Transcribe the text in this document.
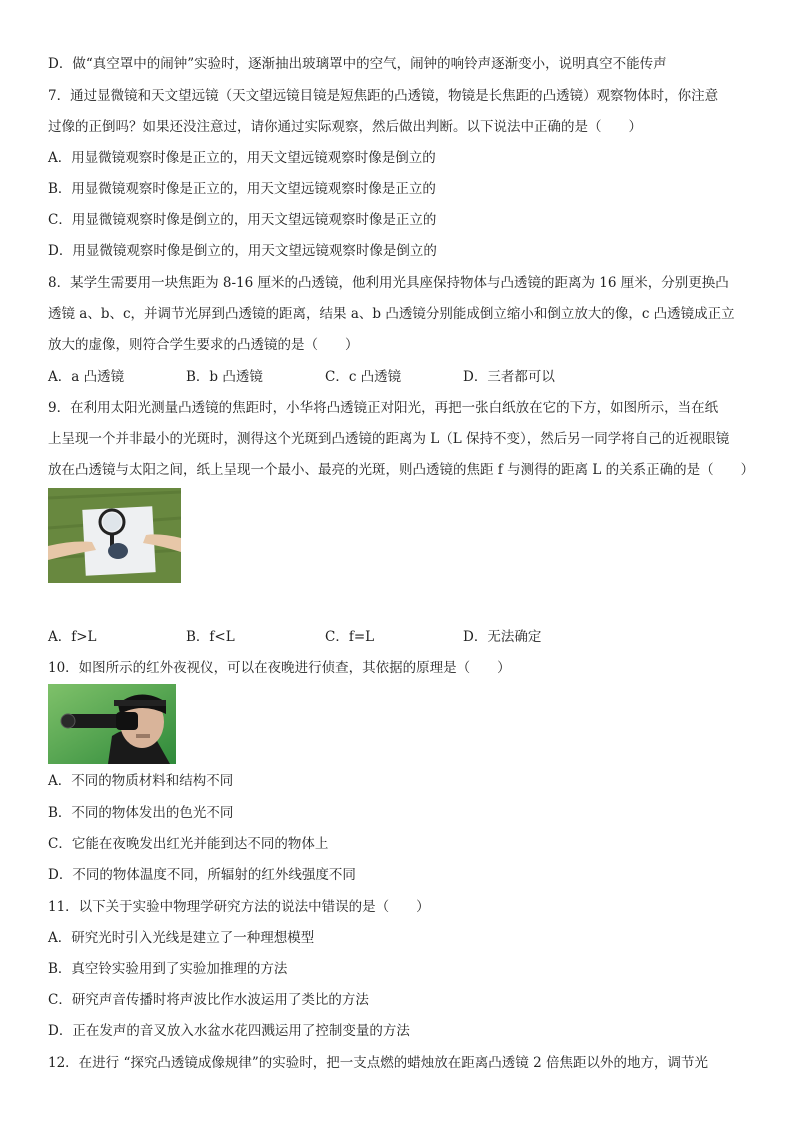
D．做“真空罩中的闹钟”实验时，逐渐抽出玻璃罩中的空气，闹钟的响铃声逐渐变小，说明真空不能传声
7．通过显微镜和天文望远镜（天文望远镜目镜是短焦距的凸透镜，物镜是长焦距的凸透镜）观察物体时，你注意
过像的正倒吗？如果还没注意过，请你通过实际观察，然后做出判断。以下说法中正确的是（　　）
A．用显微镜观察时像是正立的，用天文望远镜观察时像是倒立的
B．用显微镜观察时像是正立的，用天文望远镜观察时像是正立的
C．用显微镜观察时像是倒立的，用天文望远镜观察时像是正立的
D．用显微镜观察时像是倒立的，用天文望远镜观察时像是倒立的
8．某学生需要用一块焦距为 8-16 厘米的凸透镜，他利用光具座保持物体与凸透镜的距离为 16 厘米，分别更换凸
透镜 a、b、c，并调节光屏到凸透镜的距离，结果 a、b 凸透镜分别能成倒立缩小和倒立放大的像，c 凸透镜成正立
放大的虚像，则符合学生要求的凸透镜的是（　　）
A．a 凸透镜	B．b 凸透镜	C．c 凸透镜	D．三者都可以
9．在利用太阳光测量凸透镜的焦距时，小华将凸透镜正对阳光，再把一张白纸放在它的下方，如图所示，当在纸
上呈现一个并非最小的光斑时，测得这个光斑到凸透镜的距离为 L（L 保持不变），然后另一同学将自己的近视眼镜
放在凸透镜与太阳之间，纸上呈现一个最小、最亮的光斑，则凸透镜的焦距 f 与测得的距离 L 的关系正确的是（　　）
A．f>L	B．f<L	C．f=L	D．无法确定
10．如图所示的红外夜视仪，可以在夜晚进行侦查，其依据的原理是（　　）
A．不同的物质材料和结构不同
B．不同的物体发出的色光不同
C．它能在夜晚发出红光并能到达不同的物体上
D．不同的物体温度不同，所辐射的红外线强度不同
11．以下关于实验中物理学研究方法的说法中错误的是（　　）
A．研究光时引入光线是建立了一种理想模型
B．真空铃实验用到了实验加推理的方法
C．研究声音传播时将声波比作水波运用了类比的方法
D．正在发声的音叉放入水盆水花四溅运用了控制变量的方法
12．在进行 “探究凸透镜成像规律”的实验时，把一支点燃的蜡烛放在距离凸透镜 2 倍焦距以外的地方，调节光
